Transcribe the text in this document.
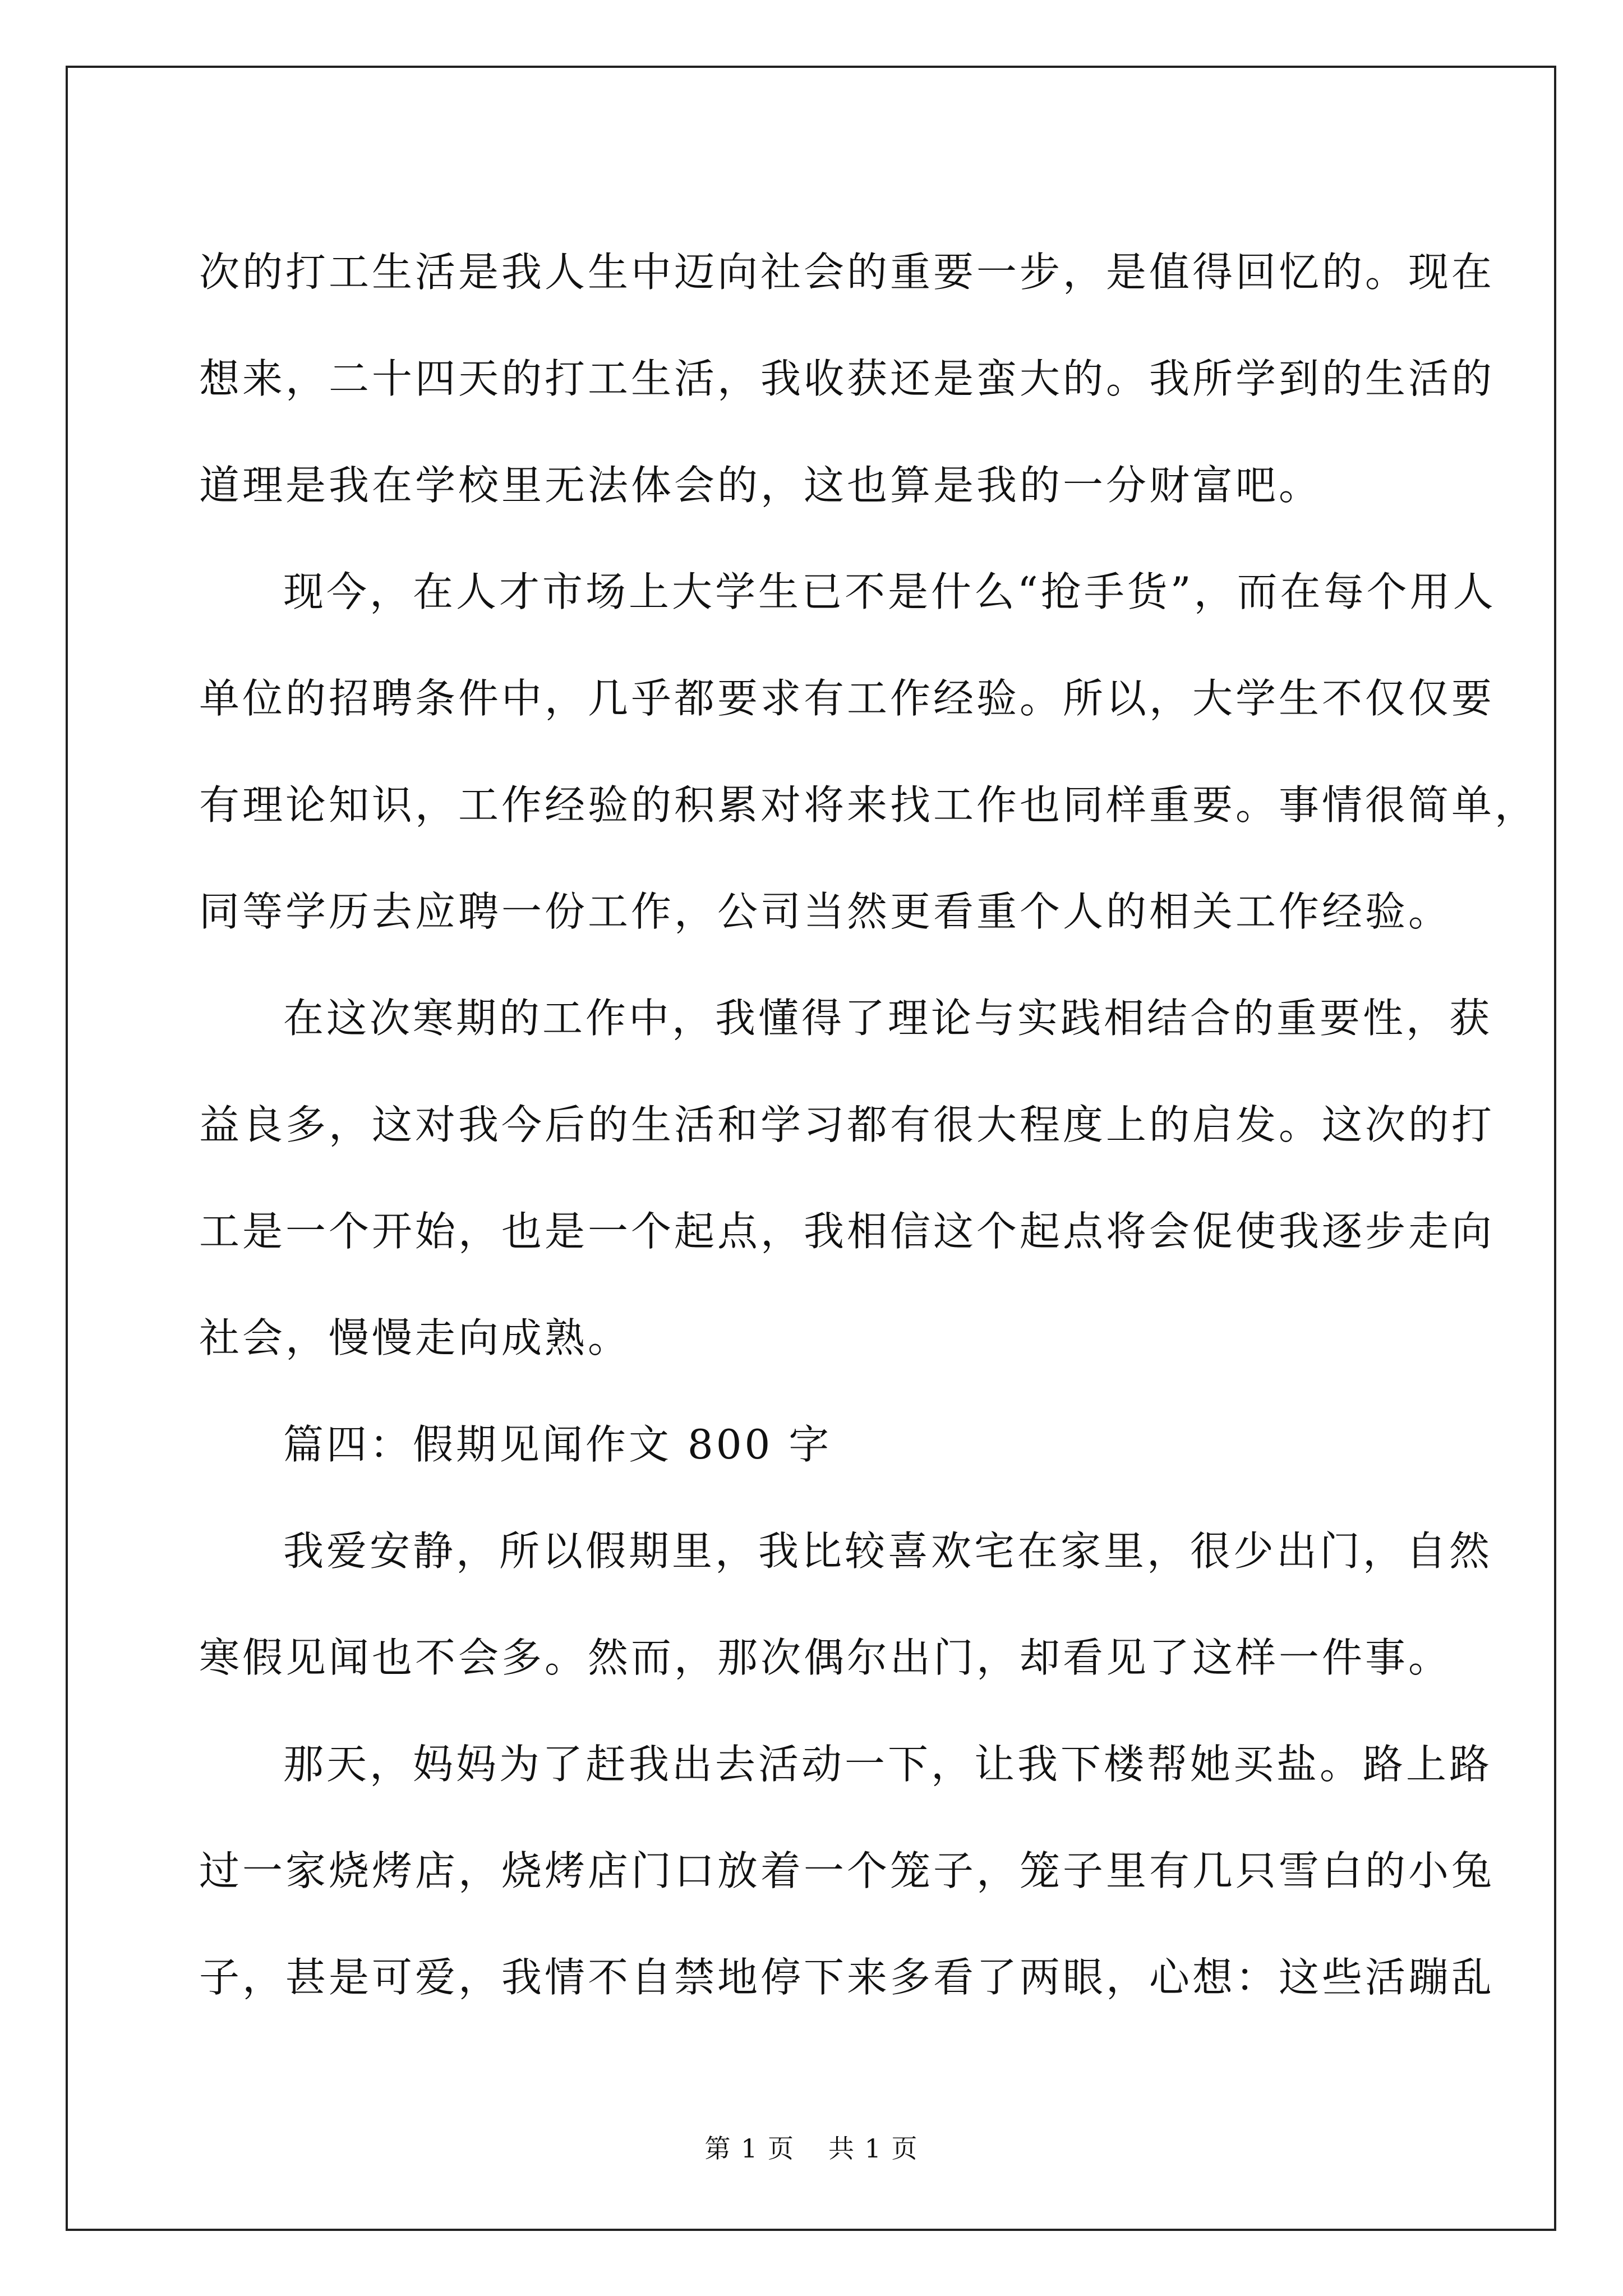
次的打工生活是我人生中迈向社会的重要一步，是值得回忆的。现在
想来，二十四天的打工生活，我收获还是蛮大的。我所学到的生活的
道理是我在学校里无法体会的，这也算是我的一分财富吧。
现今，在人才市场上大学生已不是什么“抢手货”，而在每个用人
单位的招聘条件中，几乎都要求有工作经验。所以，大学生不仅仅要
有理论知识，工作经验的积累对将来找工作也同样重要。事情很简单，
同等学历去应聘一份工作，公司当然更看重个人的相关工作经验。
在这次寒期的工作中，我懂得了理论与实践相结合的重要性，获
益良多，这对我今后的生活和学习都有很大程度上的启发。这次的打
工是一个开始，也是一个起点，我相信这个起点将会促使我逐步走向
社会，慢慢走向成熟。
篇四：假期见闻作文 800 字
我爱安静，所以假期里，我比较喜欢宅在家里，很少出门，自然
寒假见闻也不会多。然而，那次偶尔出门，却看见了这样一件事。
那天，妈妈为了赶我出去活动一下，让我下楼帮她买盐。路上路
过一家烧烤店，烧烤店门口放着一个笼子，笼子里有几只雪白的小兔
子，甚是可爱，我情不自禁地停下来多看了两眼，心想：这些活蹦乱
第 1 页 共 1 页
